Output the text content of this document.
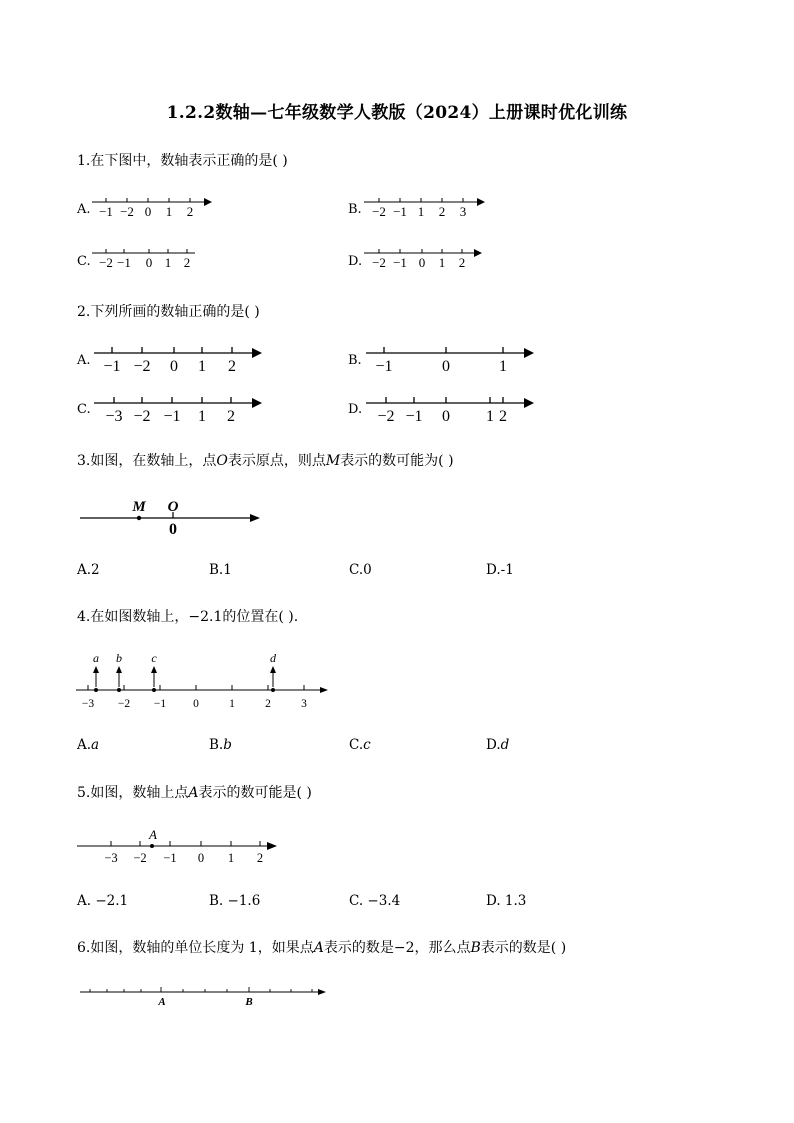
1.2.2数轴—七年级数学人教版（2024）上册课时优化训练
1.在下图中，数轴表示正确的是( )
A. −1 −2 0 1 2	B. −2 −1 1 2 3
C. −2 −1 0 1 2	D. −2 −1 0 1 2
2.下列所画的数轴正确的是( )
A. −1 −2 0 1 2	B. −1	0	1
C. −3 −2 −1 1 2	D. −2 −1 0 1 2
3.如图，在数轴上，点O表示原点，则点M表示的数可能为( )
M O
0
A.2	B.1	C.0	D.-1
4.在如图数轴上，−2.1的位置在( ).
a b c	d
−3 −2 −1 0	1	2	3
A.a	B.b	C.c	D.d
5.如图，数轴上点A表示的数可能是( )
A
−3 −2 −1 0 1 2
A. −2.1	B. −1.6	C. −3.4	D. 1.3
6.如图，数轴的单位长度为 1，如果点A表示的数是−2，那么点B表示的数是( )
A	B
